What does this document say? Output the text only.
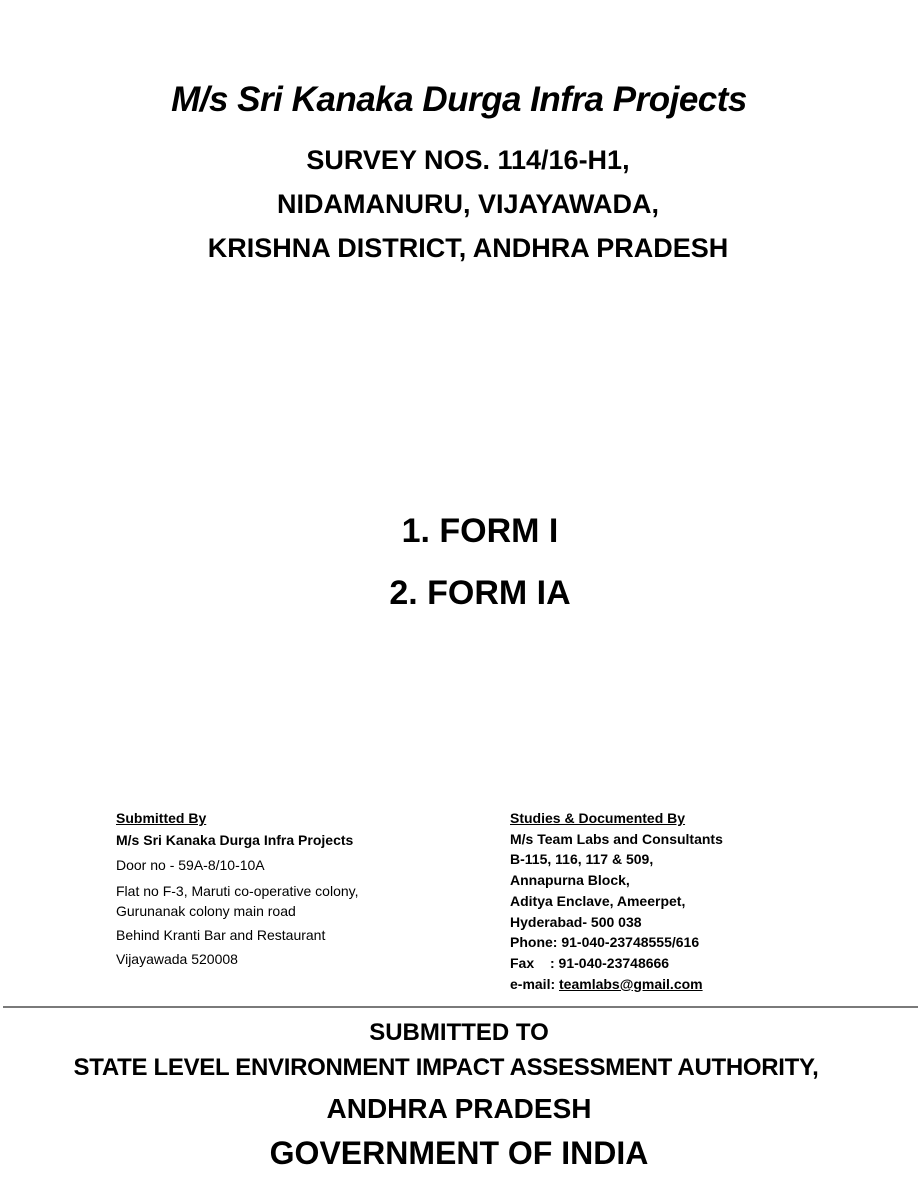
M/s Sri Kanaka Durga Infra Projects
SURVEY NOS. 114/16-H1,
NIDAMANURU, VIJAYAWADA,
KRISHNA DISTRICT, ANDHRA PRADESH
1. FORM I
2. FORM IA
Submitted By
M/s Sri Kanaka Durga Infra Projects
Door no - 59A-8/10-10A
Flat no F-3, Maruti co-operative colony,
Gurunanak colony main road
Behind Kranti Bar and Restaurant
Vijayawada 520008
Studies & Documented By
M/s Team Labs and Consultants
B-115, 116, 117 & 509,
Annapurna Block,
Aditya Enclave, Ameerpet,
Hyderabad- 500 038
Phone: 91-040-23748555/616
Fax : 91-040-23748666
e-mail: teamlabs@gmail.com
SUBMITTED TO
STATE LEVEL ENVIRONMENT IMPACT ASSESSMENT AUTHORITY,
ANDHRA PRADESH
GOVERNMENT OF INDIA
